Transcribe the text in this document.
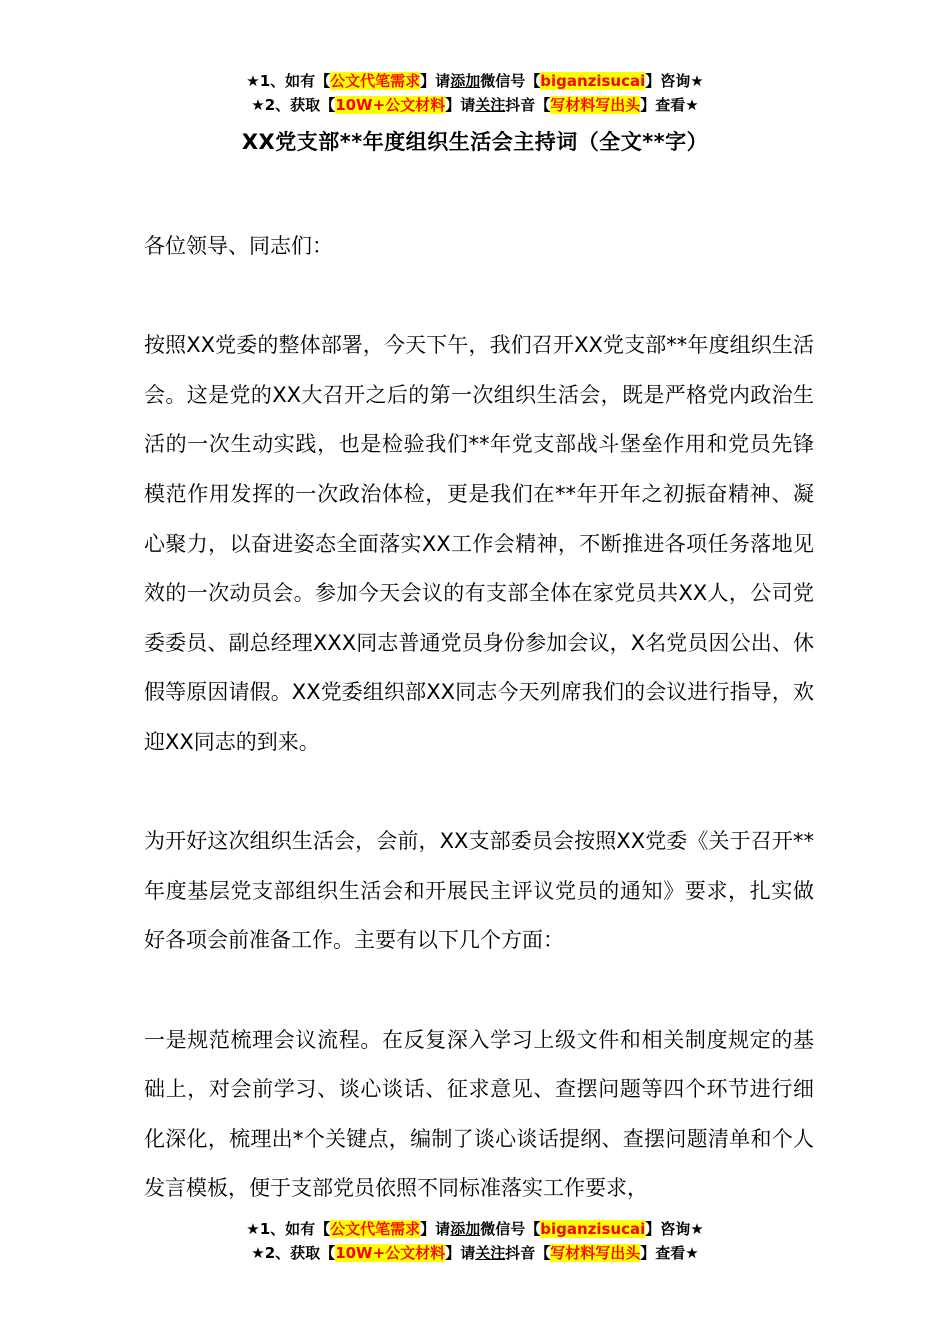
★1、如有【公文代笔需求】请添加微信号【biganzisucai】咨询★
★2、获取【10W+公文材料】请关注抖音【写材料写出头】查看★
XX党支部**年度组织生活会主持词（全文**字）

各位领导、同志们：

按照XX党委的整体部署，今天下午，我们召开XX党支部**年度组织生活会。这是党的XX大召开之后的第一次组织生活会，既是严格党内政治生活的一次生动实践，也是检验我们**年党支部战斗堡垒作用和党员先锋模范作用发挥的一次政治体检，更是我们在**年开年之初振奋精神、凝心聚力，以奋进姿态全面落实XX工作会精神，不断推进各项任务落地见效的一次动员会。参加今天会议的有支部全体在家党员共XX人，公司党委委员、副总经理XXX同志普通党员身份参加会议，X名党员因公出、休假等原因请假。XX党委组织部XX同志今天列席我们的会议进行指导，欢迎XX同志的到来。

为开好这次组织生活会，会前，XX支部委员会按照XX党委《关于召开**年度基层党支部组织生活会和开展民主评议党员的通知》要求，扎实做好各项会前准备工作。主要有以下几个方面：

一是规范梳理会议流程。在反复深入学习上级文件和相关制度规定的基础上，对会前学习、谈心谈话、征求意见、查摆问题等四个环节进行细化深化，梳理出*个关键点，编制了谈心谈话提纲、查摆问题清单和个人发言模板，便于支部党员依照不同标准落实工作要求，

★1、如有【公文代笔需求】请添加微信号【biganzisucai】咨询★
★2、获取【10W+公文材料】请关注抖音【写材料写出头】查看★
